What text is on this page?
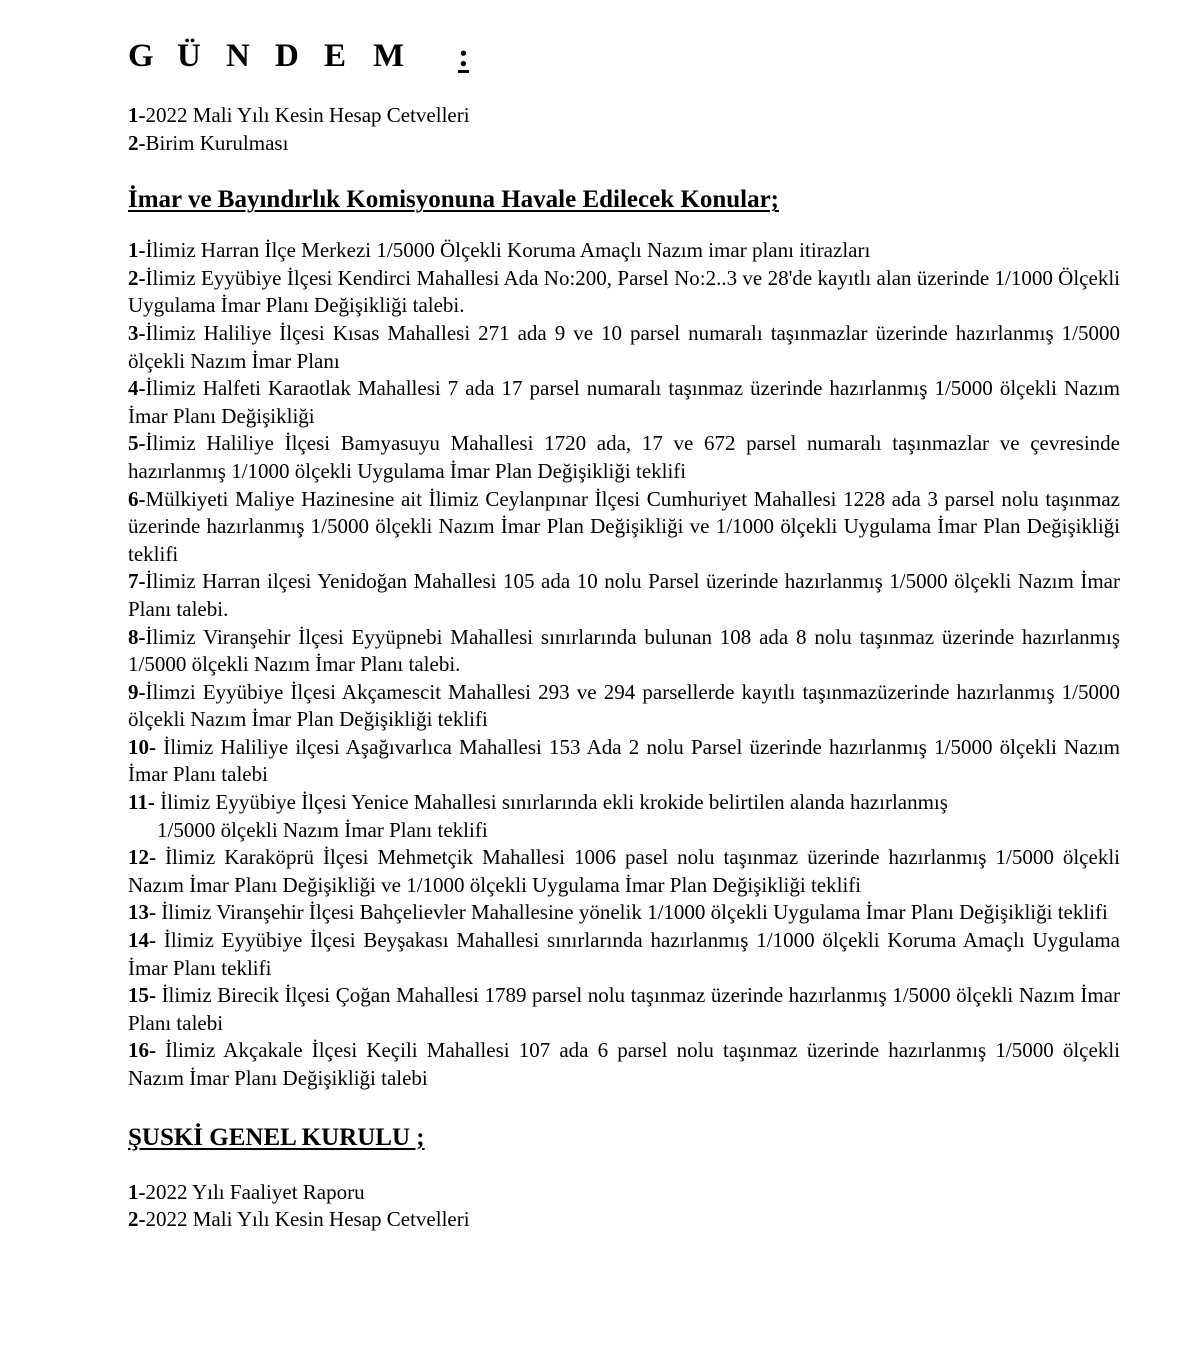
G Ü N D E M :
1-2022 Mali Yılı Kesin Hesap Cetvelleri
2-Birim Kurulması
İmar ve Bayındırlık Komisyonuna Havale Edilecek Konular;
1-İlimiz Harran İlçe Merkezi 1/5000 Ölçekli Koruma Amaçlı Nazım imar planı itirazları
2-İlimiz Eyyübiye İlçesi Kendirci Mahallesi Ada No:200, Parsel No:2..3 ve 28'de kayıtlı alan üzerinde 1/1000 Ölçekli Uygulama İmar Planı Değişikliği talebi.
3-İlimiz Haliliye İlçesi Kısas Mahallesi 271 ada 9 ve 10 parsel numaralı taşınmazlar üzerinde hazırlanmış 1/5000 ölçekli Nazım İmar Planı
4-İlimiz Halfeti Karaotlak Mahallesi 7 ada 17 parsel numaralı taşınmaz üzerinde hazırlanmış 1/5000 ölçekli Nazım İmar Planı Değişikliği
5-İlimiz Haliliye İlçesi Bamyasuyu Mahallesi 1720 ada, 17 ve 672 parsel numaralı taşınmazlar ve çevresinde hazırlanmış 1/1000 ölçekli Uygulama İmar Plan Değişikliği teklifi
6-Mülkiyeti Maliye Hazinesine ait İlimiz Ceylanpınar İlçesi Cumhuriyet Mahallesi 1228 ada 3 parsel nolu taşınmaz üzerinde hazırlanmış 1/5000 ölçekli Nazım İmar Plan Değişikliği ve 1/1000 ölçekli Uygulama İmar Plan Değişikliği teklifi
7-İlimiz Harran ilçesi Yenidoğan Mahallesi 105 ada 10 nolu Parsel üzerinde hazırlanmış 1/5000 ölçekli Nazım İmar Planı talebi.
8-İlimiz Viranşehir İlçesi Eyyüpnebi Mahallesi sınırlarında bulunan 108 ada 8 nolu taşınmaz üzerinde hazırlanmış 1/5000 ölçekli Nazım İmar Planı talebi.
9-İlimzi Eyyübiye İlçesi Akçamescit Mahallesi 293 ve 294 parsellerde kayıtlı taşınmazüzerinde hazırlanmış 1/5000 ölçekli Nazım İmar Plan Değişikliği teklifi
10- İlimiz Haliliye ilçesi Aşağıvarlıca Mahallesi 153 Ada 2 nolu Parsel üzerinde hazırlanmış 1/5000 ölçekli Nazım İmar Planı talebi
11- İlimiz Eyyübiye İlçesi Yenice Mahallesi sınırlarında ekli krokide belirtilen alanda hazırlanmış
1/5000 ölçekli Nazım İmar Planı teklifi
12- İlimiz Karaköprü İlçesi Mehmetçik Mahallesi 1006 pasel nolu taşınmaz üzerinde hazırlanmış 1/5000 ölçekli Nazım İmar Planı Değişikliği ve 1/1000 ölçekli Uygulama İmar Plan Değişikliği teklifi
13- İlimiz Viranşehir İlçesi Bahçelievler Mahallesine yönelik 1/1000 ölçekli Uygulama İmar Planı Değişikliği teklifi
14- İlimiz Eyyübiye İlçesi Beyşakası Mahallesi sınırlarında hazırlanmış 1/1000 ölçekli Koruma Amaçlı Uygulama İmar Planı teklifi
15- İlimiz Birecik İlçesi Çoğan Mahallesi 1789 parsel nolu taşınmaz üzerinde hazırlanmış 1/5000 ölçekli Nazım İmar Planı talebi
16- İlimiz Akçakale İlçesi Keçili Mahallesi 107 ada 6 parsel nolu taşınmaz üzerinde hazırlanmış 1/5000 ölçekli Nazım İmar Planı Değişikliği talebi
ŞUSKİ GENEL KURULU ;
1-2022 Yılı Faaliyet Raporu
2-2022 Mali Yılı Kesin Hesap Cetvelleri
